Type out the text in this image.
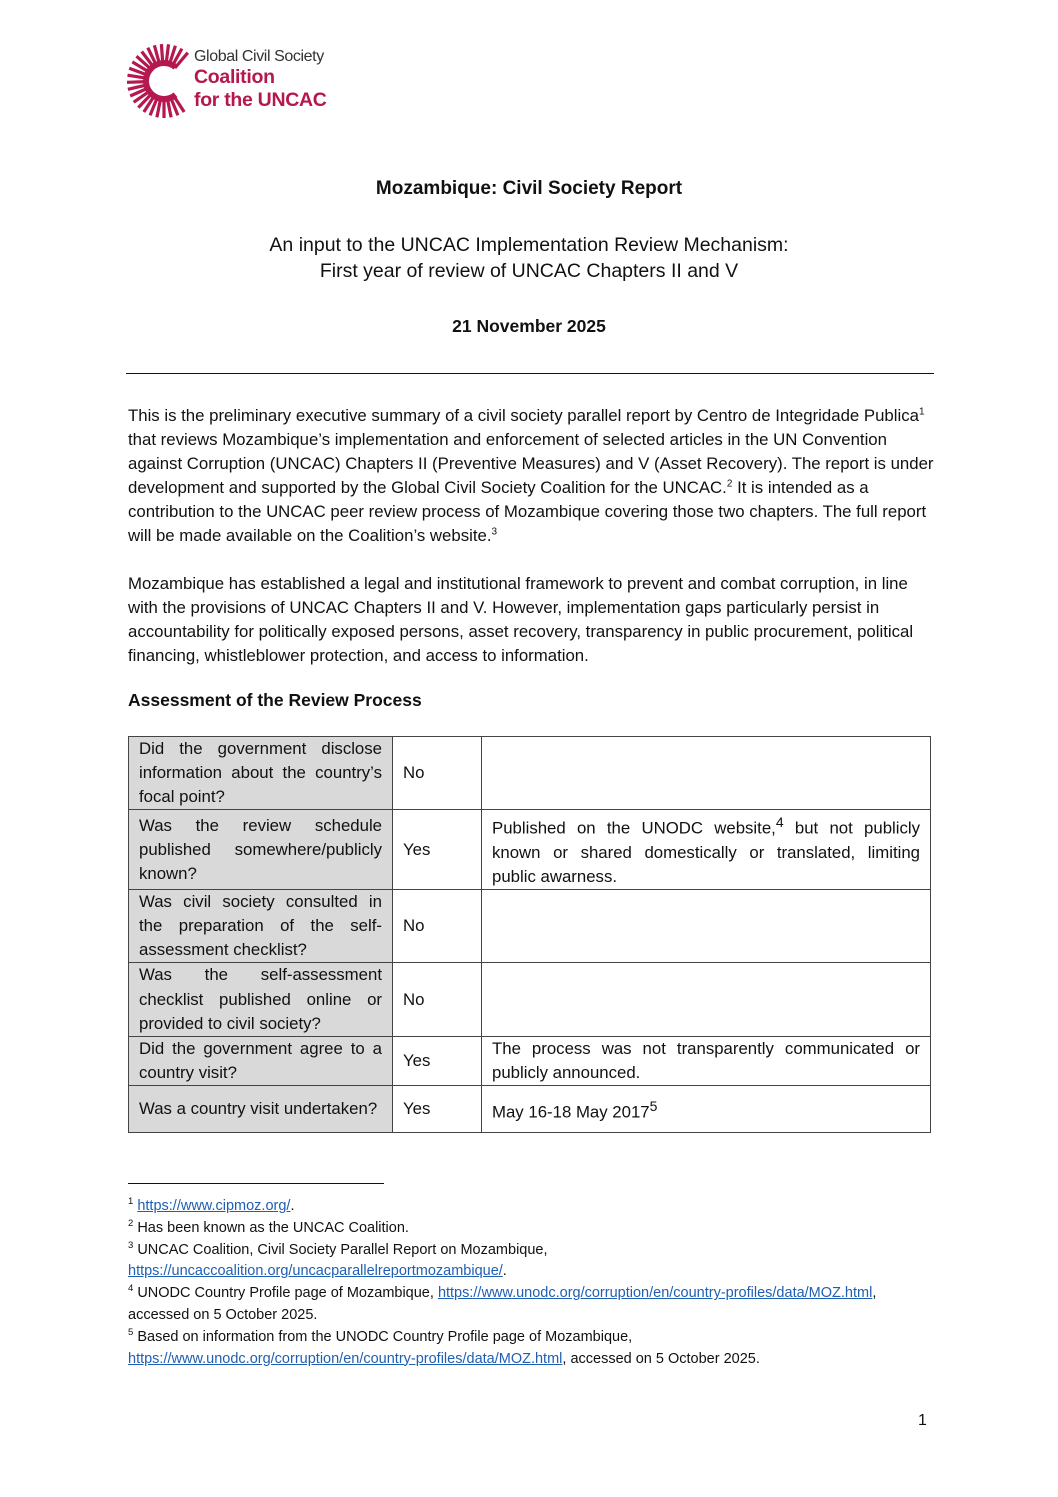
Global Civil Society
Coalition
for the UNCAC
Mozambique: Civil Society Report
An input to the UNCAC Implementation Review Mechanism:
First year of review of UNCAC Chapters II and V
21 November 2025
This is the preliminary executive summary of a civil society parallel report by Centro de Integridade Publica$^1$ that reviews Mozambique’s implementation and enforcement of selected articles in the UN Convention against Corruption (UNCAC) Chapters II (Preventive Measures) and V (Asset Recovery). The report is under development and supported by the Global Civil Society Coalition for the UNCAC.$^2$ It is intended as a contribution to the UNCAC peer review process of Mozambique covering those two chapters. The full report will be made available on the Coalition’s website.$^3$
Mozambique has established a legal and institutional framework to prevent and combat corruption, in line with the provisions of UNCAC Chapters II and V. However, implementation gaps particularly persist in accountability for politically exposed persons, asset recovery, transparency in public procurement, political financing, whistleblower protection, and access to information.
Assessment of the Review Process
Did the government disclose information about the country’s focal point?	No	
Was the review schedule published somewhere/publicly known?	Yes	Published on the UNODC website,$^4$ but not publicly known or shared domestically or translated, limiting public awarness.
Was civil society consulted in the preparation of the self-assessment checklist?	No	
Was the self-assessment checklist published online or provided to civil society?	No	
Did the government agree to a country visit?	Yes	The process was not transparently communicated or publicly announced.
Was a country visit undertaken?	Yes	May 16-18 May 2017$^5$
$^1$ https://www.cipmoz.org/.
$^2$ Has been known as the UNCAC Coalition.
$^3$ UNCAC Coalition, Civil Society Parallel Report on Mozambique,
https://uncaccoalition.org/uncacparallelreportmozambique/.
$^4$ UNODC Country Profile page of Mozambique, https://www.unodc.org/corruption/en/country-profiles/data/MOZ.html, accessed on 5 October 2025.
$^5$ Based on information from the UNODC Country Profile page of Mozambique,
https://www.unodc.org/corruption/en/country-profiles/data/MOZ.html, accessed on 5 October 2025.
1
